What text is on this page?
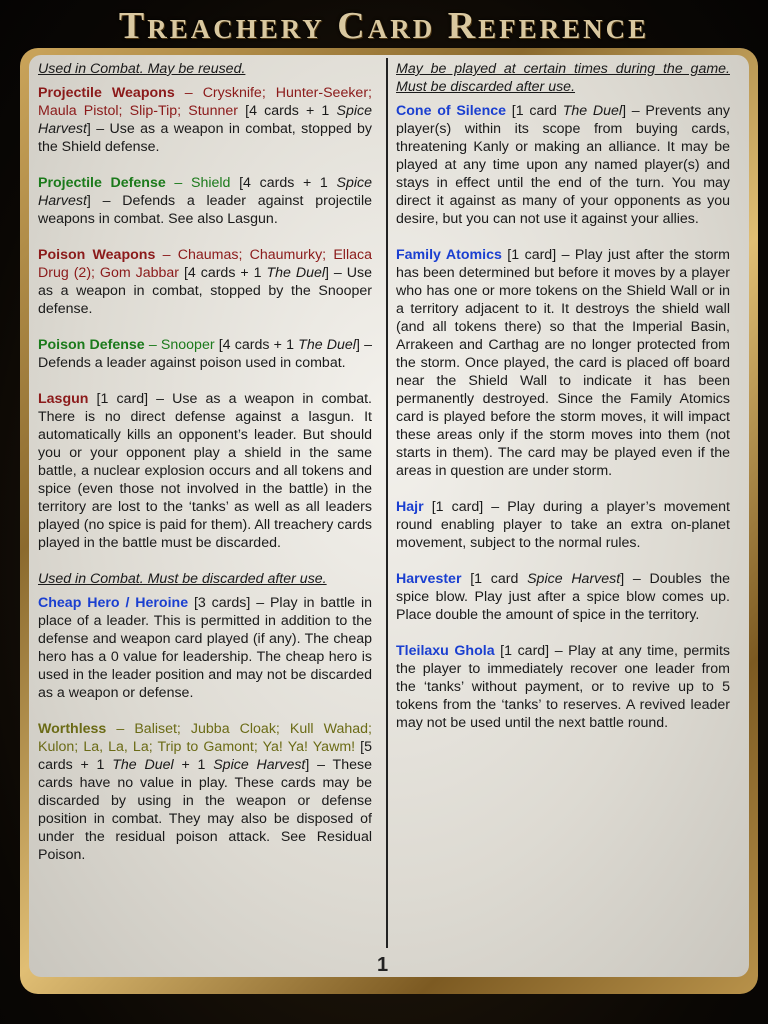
Treachery Card Reference

Used in Combat. May be reused.

Projectile Weapons – Crysknife; Hunter-Seeker; Maula Pistol; Slip-Tip; Stunner [4 cards + 1 Spice Harvest] – Use as a weapon in combat, stopped by the Shield defense.

Projectile Defense – Shield [4 cards + 1 Spice Harvest] – Defends a leader against projectile weapons in combat. See also Lasgun.

Poison Weapons – Chaumas; Chaumurky; Ellaca Drug (2); Gom Jabbar [4 cards + 1 The Duel] – Use as a weapon in combat, stopped by the Snooper defense.

Poison Defense – Snooper [4 cards + 1 The Duel] – Defends a leader against poison used in combat.

Lasgun [1 card] – Use as a weapon in combat. There is no direct defense against a lasgun. It automatically kills an opponent’s leader. But should you or your opponent play a shield in the same battle, a nuclear explosion occurs and all tokens and spice (even those not involved in the battle) in the territory are lost to the ‘tanks’ as well as all leaders played (no spice is paid for them). All treachery cards played in the battle must be discarded.

Used in Combat. Must be discarded after use.

Cheap Hero / Heroine [3 cards] – Play in battle in place of a leader. This is permitted in addition to the defense and weapon card played (if any). The cheap hero has a 0 value for leadership. The cheap hero is used in the leader position and may not be discarded as a weapon or defense.

Worthless – Baliset; Jubba Cloak; Kull Wahad; Kulon; La, La, La; Trip to Gamont; Ya! Ya! Yawm! [5 cards + 1 The Duel + 1 Spice Harvest] – These cards have no value in play. These cards may be discarded by using in the weapon or defense position in combat. They may also be disposed of under the residual poison attack. See Residual Poison.

May be played at certain times during the game. Must be discarded after use.

Cone of Silence [1 card The Duel] – Prevents any player(s) within its scope from buying cards, threatening Kanly or making an alliance. It may be played at any time upon any named player(s) and stays in effect until the end of the turn. You may direct it against as many of your opponents as you desire, but you can not use it against your allies.

Family Atomics [1 card] – Play just after the storm has been determined but before it moves by a player who has one or more tokens on the Shield Wall or in a territory adjacent to it. It destroys the shield wall (and all tokens there) so that the Imperial Basin, Arrakeen and Carthag are no longer protected from the storm. Once played, the card is placed off board near the Shield Wall to indicate it has been permanently destroyed. Since the Family Atomics card is played before the storm moves, it will impact these areas only if the storm moves into them (not starts in them). The card may be played even if the areas in question are under storm.

Hajr [1 card] – Play during a player’s movement round enabling player to take an extra on-planet movement, subject to the normal rules.

Harvester [1 card Spice Harvest] – Doubles the spice blow. Play just after a spice blow comes up. Place double the amount of spice in the territory.

Tleilaxu Ghola [1 card] – Play at any time, permits the player to immediately recover one leader from the ‘tanks’ without payment, or to revive up to 5 tokens from the ‘tanks’ to reserves. A revived leader may not be used until the next battle round.

1
